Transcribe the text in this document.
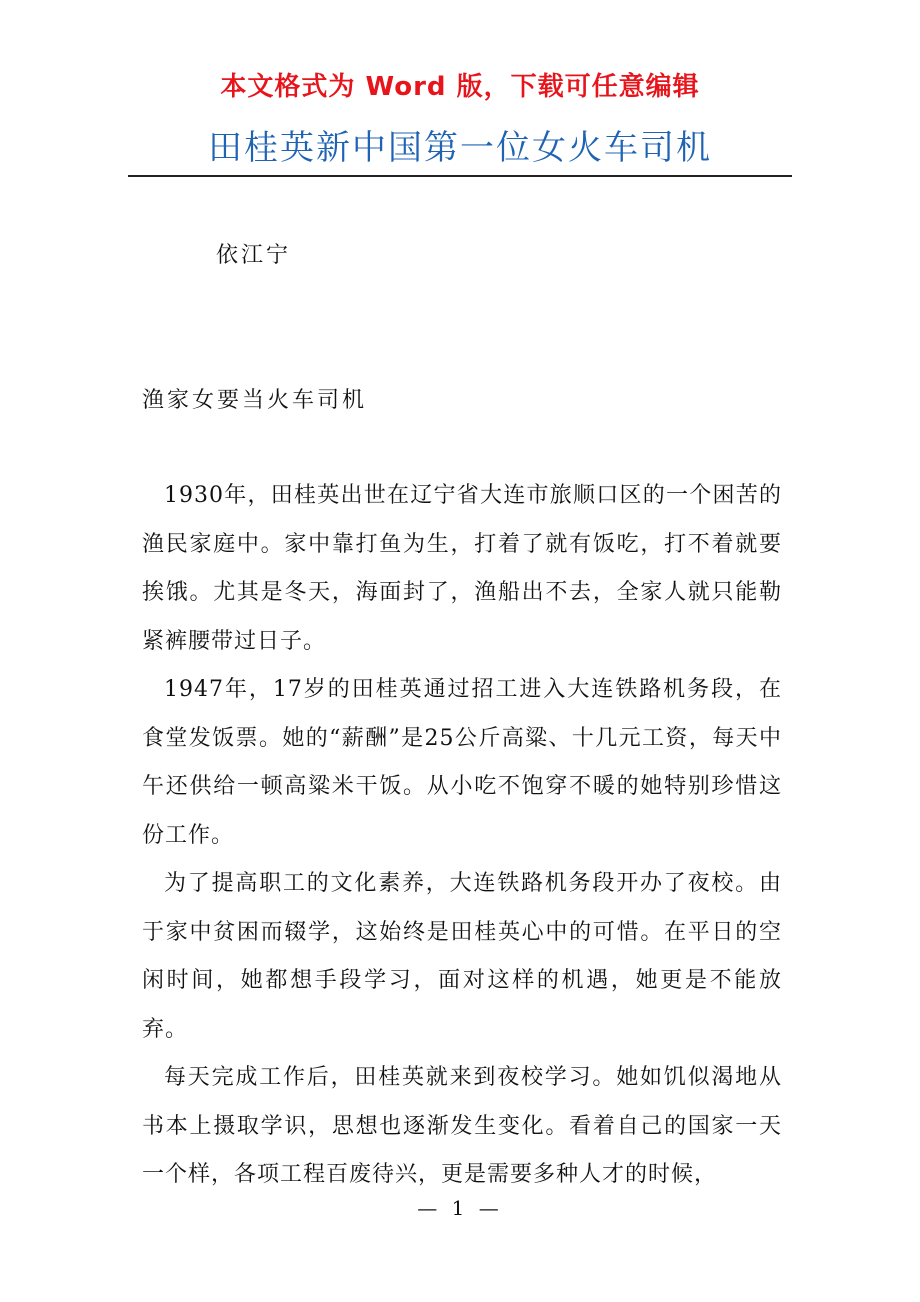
本文格式为 Word 版，下载可任意编辑
田桂英新中国第一位女火车司机
依江宁
渔家女要当火车司机

1930年，田桂英出世在辽宁省大连市旅顺口区的一个困苦的渔民家庭中。家中靠打鱼为生，打着了就有饭吃，打不着就要挨饿。尤其是冬天，海面封了，渔船出不去，全家人就只能勒紧裤腰带过日子。

1947年，17岁的田桂英通过招工进入大连铁路机务段，在食堂发饭票。她的“薪酬”是25公斤高粱、十几元工资，每天中午还供给一顿高粱米干饭。从小吃不饱穿不暖的她特别珍惜这份工作。

为了提高职工的文化素养，大连铁路机务段开办了夜校。由于家中贫困而辍学，这始终是田桂英心中的可惜。在平日的空闲时间，她都想手段学习，面对这样的机遇，她更是不能放弃。

每天完成工作后，田桂英就来到夜校学习。她如饥似渴地从书本上摄取学识，思想也逐渐发生变化。看着自己的国家一天一个样，各项工程百废待兴，更是需要多种人才的时候，

— 1 —
